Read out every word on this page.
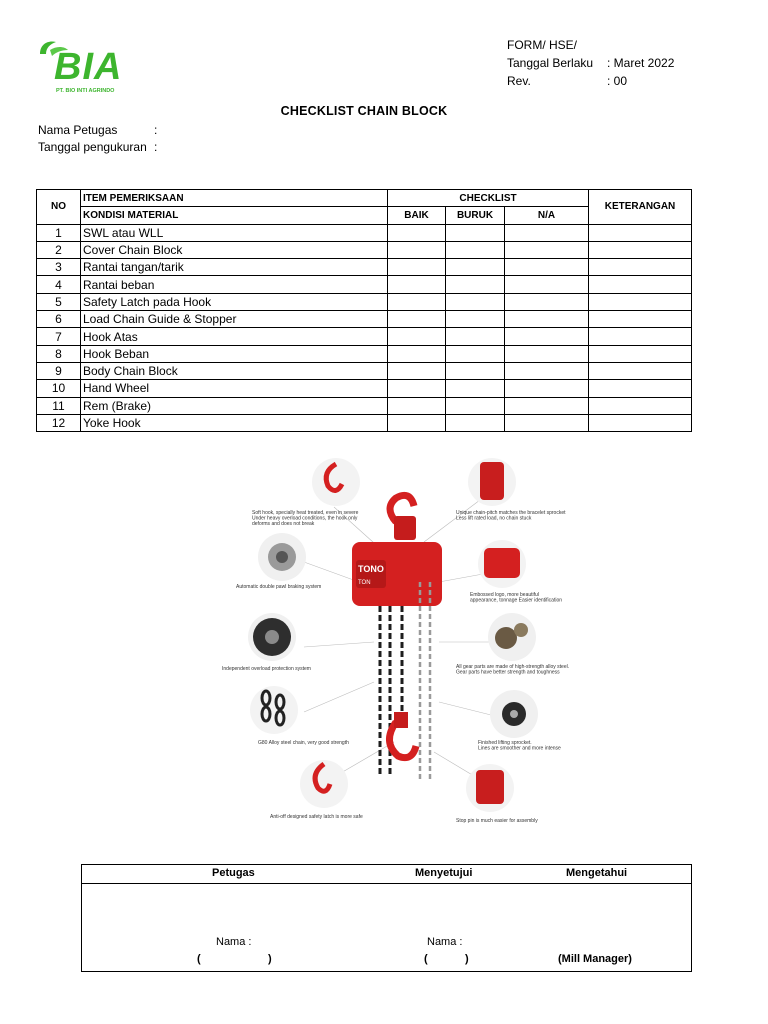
BIA
PT. BIO INTI AGRINDO
FORM/ HSE/
Tanggal Berlaku	: Maret 2022
Rev.	: 00
CHECKLIST CHAIN BLOCK
Nama Petugas	:
Tanggal pengukuran :
NO	ITEM PEMERIKSAAN	CHECKLIST			KETERANGAN
	KONDISI MATERIAL	BAIK	BURUK	N/A	
1	SWL atau WLL				
2	Cover Chain Block				
3	Rantai tangan/tarik				
4	Rantai beban				
5	Safety Latch pada Hook				
6	Load Chain Guide & Stopper				
7	Hook Atas				
8	Hook Beban				
9	Body Chain Block				
10	Hand Wheel				
11	Rem (Brake)				
12	Yoke Hook				
TONO
TON
Soft hook, specially heat treated, even in severe Under heavy overload conditions, the hook only deforms and does not break
Unique chain-pitch matches the bracelet sprocket Less lift rated load, no chain stuck
Automatic double pawl braking system
Embossed logo, more beautiful appearance, tonnage Easier identification
Independent overload protection system	All gear parts are made of high-strength alloy steel. Gear parts have better strength and toughness
G80 Alloy steel chain, very good strength	Finished lifting sprocket. Lines are smoother and more intense
Anti-off designed safety latch is more safe
Stop pin is much easier for assembly
Petugas	Menyetujui	Mengetahui

Nama :	Nama :
(	)	(	)	(Mill Manager)
